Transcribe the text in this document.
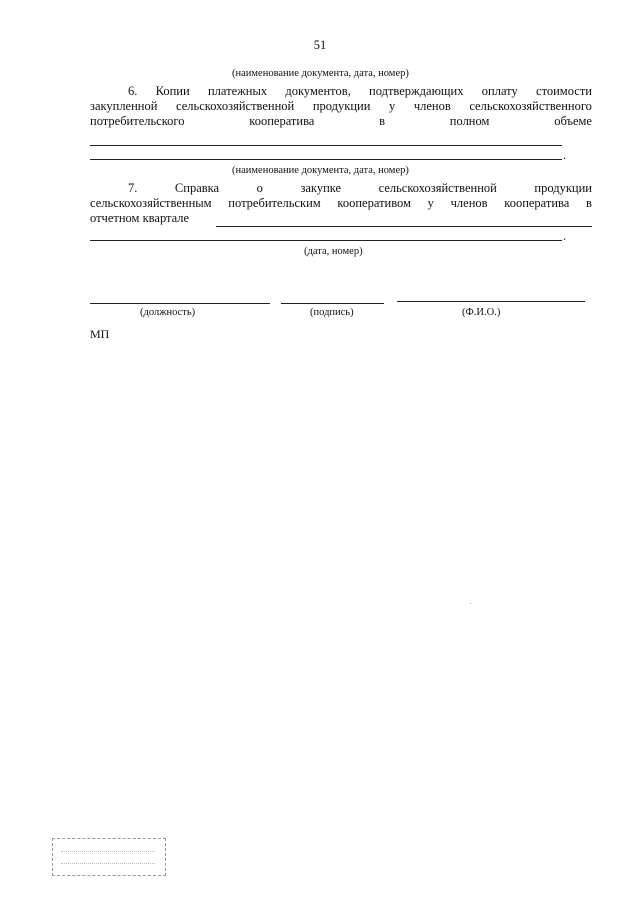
51
(наименование документа, дата, номер)
6. Копии платежных документов, подтверждающих оплату стоимости
закупленной сельскохозяйственной продукции у членов сельскохозяйственного
потребительского	кооператива	в	полном	объеме
.
(наименование документа, дата, номер)
7.	Справка	о	закупке	сельскохозяйственной	продукции
сельскохозяйственным потребительским кооперативом у членов кооператива в
отчетном квартале
.
(дата, номер)
(должность)	(подпись)	(Ф.И.О.)
МП
